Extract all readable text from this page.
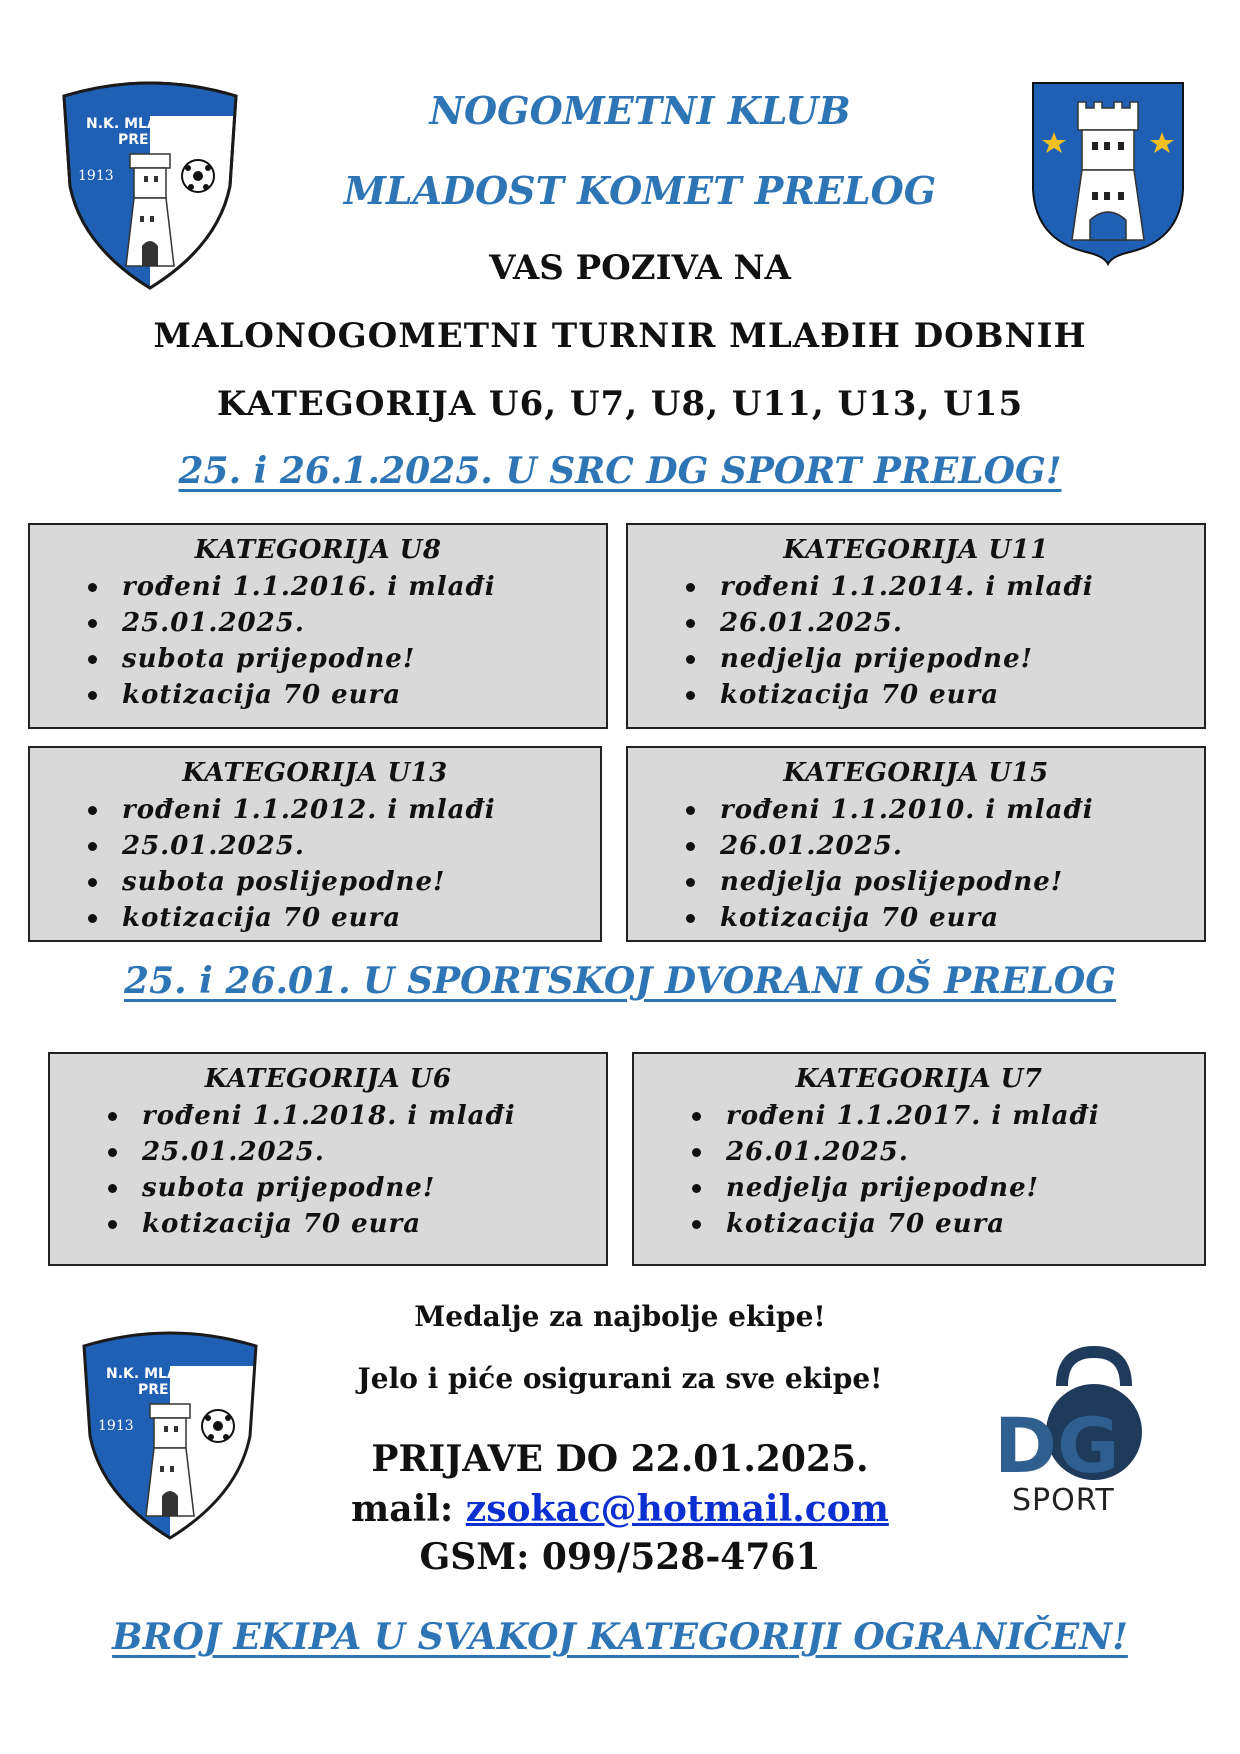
N.K. MLADOST
PRELOG
1913
NOGOMETNI KLUB
MLADOST KOMET PRELOG
VAS POZIVA NA
MALONOGOMETNI TURNIR MLAĐIH DOBNIH
KATEGORIJA U6, U7, U8, U11, U13, U15
25. i 26.1.2025. U SRC DG SPORT PRELOG!
KATEGORIJA U8
rođeni 1.1.2016. i mlađi
25.01.2025.
subota prijepodne!
kotizacija 70 eura
KATEGORIJA U11
rođeni 1.1.2014. i mlađi
26.01.2025.
nedjelja prijepodne!
kotizacija 70 eura
KATEGORIJA U13
rođeni 1.1.2012. i mlađi
25.01.2025.
subota poslijepodne!
kotizacija 70 eura
KATEGORIJA U15
rođeni 1.1.2010. i mlađi
26.01.2025.
nedjelja poslijepodne!
kotizacija 70 eura
25. i 26.01. U SPORTSKOJ DVORANI OŠ PRELOG
KATEGORIJA U6
rođeni 1.1.2018. i mlađi
25.01.2025.
subota prijepodne!
kotizacija 70 eura
KATEGORIJA U7
rođeni 1.1.2017. i mlađi
26.01.2025.
nedjelja prijepodne!
kotizacija 70 eura
N.K. MLADOST
PRELOG
1913	DG
SPORT
Medalje za najbolje ekipe!
Jelo i piće osigurani za sve ekipe!
PRIJAVE DO 22.01.2025.
mail: zsokac@hotmail.com
GSM: 099/528-4761
BROJ EKIPA U SVAKOJ KATEGORIJI OGRANIČEN!
